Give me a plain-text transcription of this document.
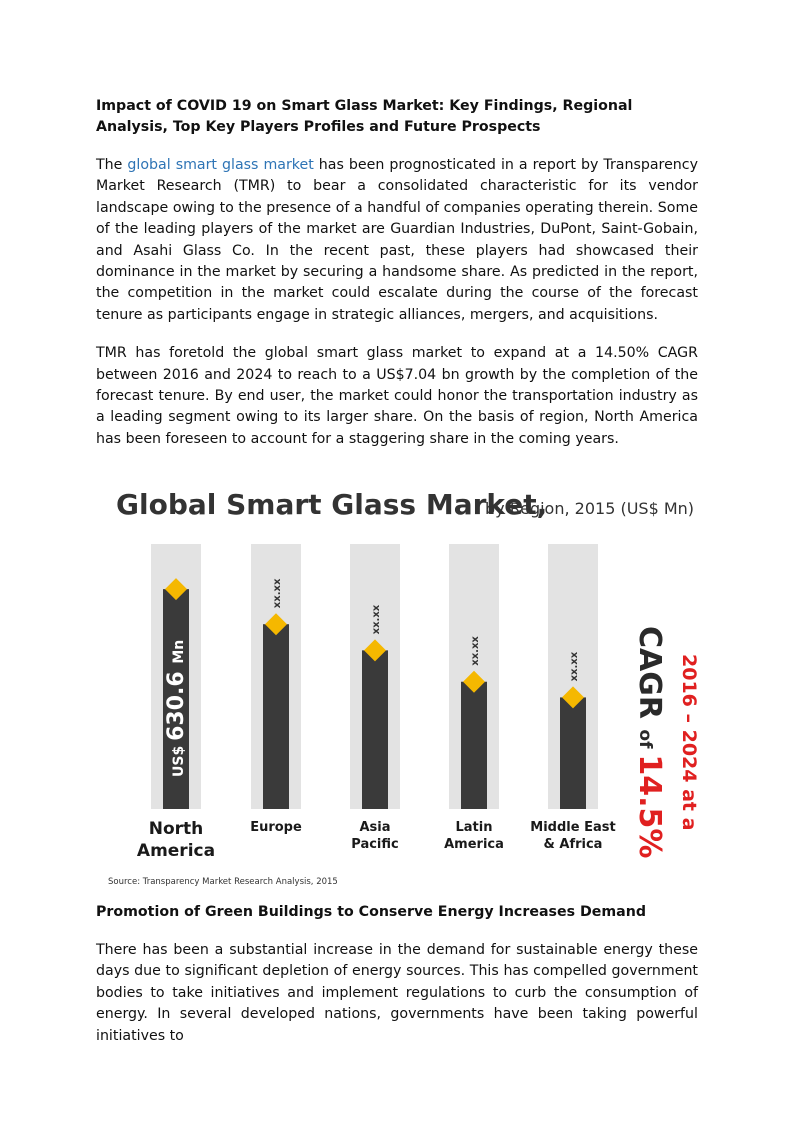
Impact of COVID 19 on Smart Glass Market: Key Findings, Regional Analysis, Top Key Players Profiles and Future Prospects

The global smart glass market has been prognosticated in a report by Transparency Market Research (TMR) to bear a consolidated characteristic for its vendor landscape owing to the presence of a handful of companies operating therein. Some of the leading players of the market are Guardian Industries, DuPont, Saint-Gobain, and Asahi Glass Co. In the recent past, these players had showcased their dominance in the market by securing a handsome share. As predicted in the report, the competition in the market could escalate during the course of the forecast tenure as participants engage in strategic alliances, mergers, and acquisitions.

TMR has foretold the global smart glass market to expand at a 14.50% CAGR between 2016 and 2024 to reach to a US$7.04 bn growth by the completion of the forecast tenure. By end user, the market could honor the transportation industry as a leading segment owing to its larger share. On the basis of region, North America has been foreseen to account for a staggering share in the coming years.

Global Smart Glass Market,
by Region, 2015 (US$ Mn)
US$ 630.6 Mn
North America
xx.xx
Europe
xx.xx
Asia Pacific
xx.xx
Latin America
xx.xx
Middle East & Africa
2016 – 2024 at a
CAGR of 14.5%
Source: Transparency Market Research Analysis, 2015

Promotion of Green Buildings to Conserve Energy Increases Demand

There has been a substantial increase in the demand for sustainable energy these days due to significant depletion of energy sources. This has compelled government bodies to take initiatives and implement regulations to curb the consumption of energy. In several developed nations, governments have been taking powerful initiatives to
